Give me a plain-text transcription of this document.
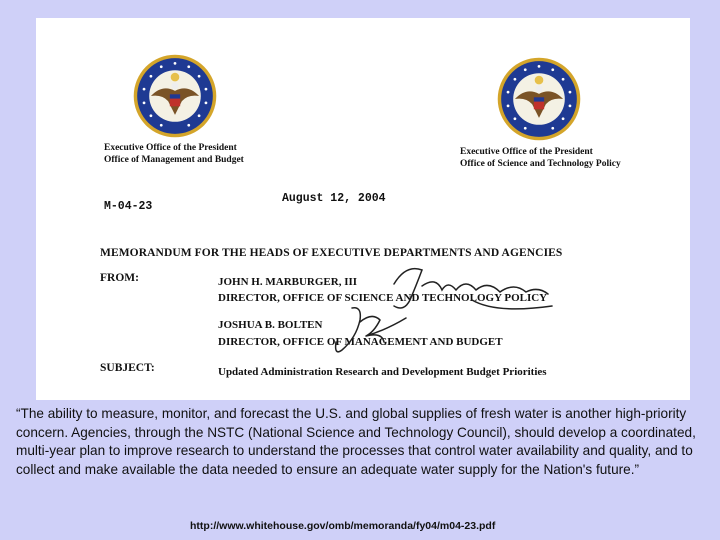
Executive Office of the President
Office of Management and Budget
Executive Office of the President
Office of Science and Technology Policy
August 12, 2004
M-04-23
MEMORANDUM FOR THE HEADS OF EXECUTIVE DEPARTMENTS AND AGENCIES
FROM:	JOHN H. MARBURGER, III
DIRECTOR, OFFICE OF SCIENCE AND TECHNOLOGY POLICY
JOSHUA B. BOLTEN
DIRECTOR, OFFICE OF MANAGEMENT AND BUDGET
SUBJECT:	Updated Administration Research and Development Budget Priorities
“The ability to measure, monitor, and forecast the U.S. and global supplies of fresh water is another high-priority concern. Agencies, through the NSTC (National Science and Technology Council), should develop a coordinated, multi-year plan to improve research to understand the processes that control water availability and quality, and to collect and make available the data needed to ensure an adequate water supply for the Nation's future.”
http://www.whitehouse.gov/omb/memoranda/fy04/m04-23.pdf
